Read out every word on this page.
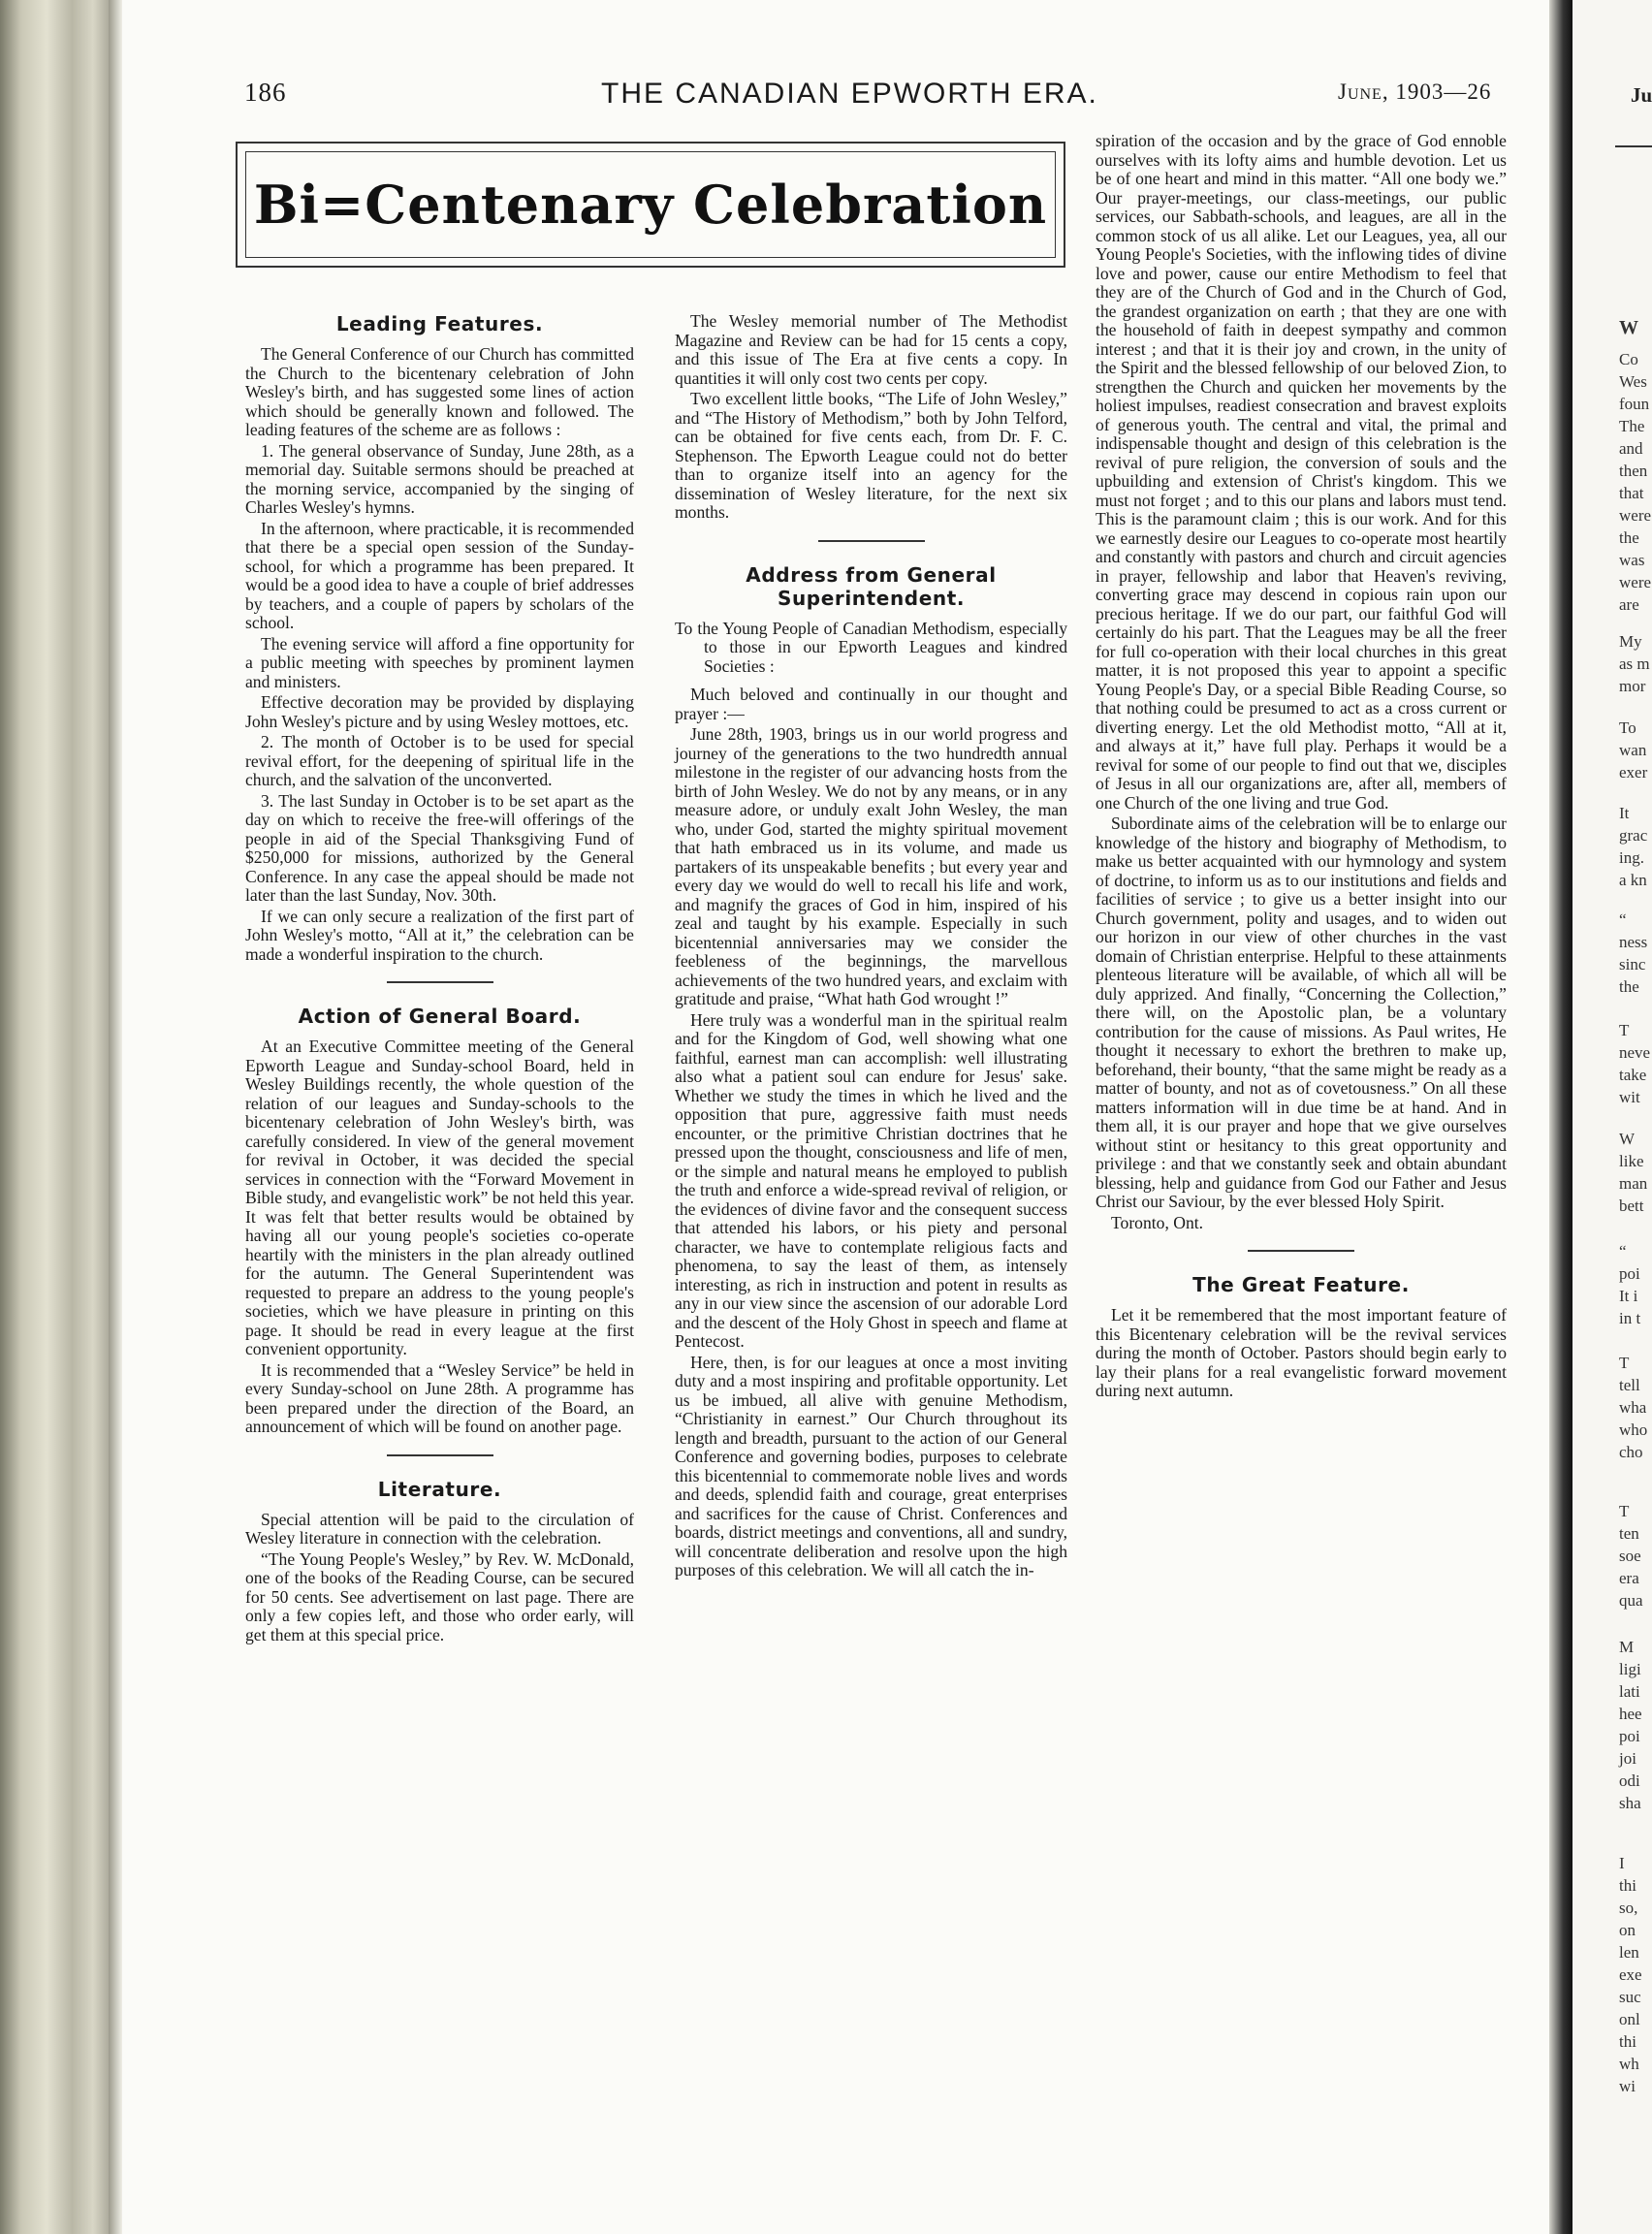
186	THE CANADIAN EPWORTH ERA.	June, 1903—26
Bi=Centenary Celebration
Leading Features.

The General Conference of our Church has committed the Church to the bicentenary celebration of John Wesley's birth, and has suggested some lines of action which should be generally known and followed. The leading features of the scheme are as follows :

1. The general observance of Sunday, June 28th, as a memorial day. Suitable sermons should be preached at the morning service, accompanied by the singing of Charles Wesley's hymns.

In the afternoon, where practicable, it is recommended that there be a special open session of the Sunday-school, for which a programme has been prepared. It would be a good idea to have a couple of brief addresses by teachers, and a couple of papers by scholars of the school.

The evening service will afford a fine opportunity for a public meeting with speeches by prominent laymen and ministers.

Effective decoration may be provided by displaying John Wesley's picture and by using Wesley mottoes, etc.

2. The month of October is to be used for special revival effort, for the deepening of spiritual life in the church, and the salvation of the unconverted.

3. The last Sunday in October is to be set apart as the day on which to receive the free-will offerings of the people in aid of the Special Thanksgiving Fund of $250,000 for missions, authorized by the General Conference. In any case the appeal should be made not later than the last Sunday, Nov. 30th.

If we can only secure a realization of the first part of John Wesley's motto, “All at it,” the celebration can be made a wonderful inspiration to the church.

Action of General Board.

At an Executive Committee meeting of the General Epworth League and Sunday-school Board, held in Wesley Buildings recently, the whole question of the relation of our leagues and Sunday-schools to the bicentenary celebration of John Wesley's birth, was carefully considered. In view of the general movement for revival in October, it was decided the special services in connection with the “Forward Movement in Bible study, and evangelistic work” be not held this year. It was felt that better results would be obtained by having all our young people's societies co-operate heartily with the ministers in the plan already outlined for the autumn. The General Superintendent was requested to prepare an address to the young people's societies, which we have pleasure in printing on this page. It should be read in every league at the first convenient opportunity.

It is recommended that a “Wesley Service” be held in every Sunday-school on June 28th. A programme has been prepared under the direction of the Board, an announcement of which will be found on another page.

Literature.

Special attention will be paid to the circulation of Wesley literature in connection with the celebration.

“The Young People's Wesley,” by Rev. W. McDonald, one of the books of the Reading Course, can be secured for 50 cents. See advertisement on last page. There are only a few copies left, and those who order early, will get them at this special price.

The Wesley memorial number of The Methodist Magazine and Review can be had for 15 cents a copy, and this issue of The Era at five cents a copy. In quantities it will only cost two cents per copy.

Two excellent little books, “The Life of John Wesley,” and “The History of Methodism,” both by John Telford, can be obtained for five cents each, from Dr. F. C. Stephenson. The Epworth League could not do better than to organize itself into an agency for the dissemination of Wesley literature, for the next six months.

Address from General
Superintendent.

To the Young People of Canadian Methodism, especially to those in our Epworth Leagues and kindred Societies :

Much beloved and continually in our thought and prayer :—

June 28th, 1903, brings us in our world progress and journey of the generations to the two hundredth annual milestone in the register of our advancing hosts from the birth of John Wesley. We do not by any means, or in any measure adore, or unduly exalt John Wesley, the man who, under God, started the mighty spiritual movement that hath embraced us in its volume, and made us partakers of its unspeakable benefits ; but every year and every day we would do well to recall his life and work, and magnify the graces of God in him, inspired of his zeal and taught by his example. Especially in such bicentennial anniversaries may we consider the feebleness of the beginnings, the marvellous achievements of the two hundred years, and exclaim with gratitude and praise, “What hath God wrought !”

Here truly was a wonderful man in the spiritual realm and for the Kingdom of God, well showing what one faithful, earnest man can accomplish: well illustrating also what a patient soul can endure for Jesus' sake. Whether we study the times in which he lived and the opposition that pure, aggressive faith must needs encounter, or the primitive Christian doctrines that he pressed upon the thought, consciousness and life of men, or the simple and natural means he employed to publish the truth and enforce a wide-spread revival of religion, or the evidences of divine favor and the consequent success that attended his labors, or his piety and personal character, we have to contemplate religious facts and phenomena, to say the least of them, as intensely interesting, as rich in instruction and potent in results as any in our view since the ascension of our adorable Lord and the descent of the Holy Ghost in speech and flame at Pentecost.

Here, then, is for our leagues at once a most inviting duty and a most inspiring and profitable opportunity. Let us be imbued, all alive with genuine Methodism, “Christianity in earnest.” Our Church throughout its length and breadth, pursuant to the action of our General Conference and governing bodies, purposes to celebrate this bicentennial to commemorate noble lives and words and deeds, splendid faith and courage, great enterprises and sacrifices for the cause of Christ. Conferences and boards, district meetings and conventions, all and sundry, will concentrate deliberation and resolve upon the high purposes of this celebration. We will all catch the in-

spiration of the occasion and by the grace of God ennoble ourselves with its lofty aims and humble devotion. Let us be of one heart and mind in this matter. “All one body we.” Our prayer-meetings, our class-meetings, our public services, our Sabbath-schools, and leagues, are all in the common stock of us all alike. Let our Leagues, yea, all our Young People's Societies, with the inflowing tides of divine love and power, cause our entire Methodism to feel that they are of the Church of God and in the Church of God, the grandest organization on earth ; that they are one with the household of faith in deepest sympathy and common interest ; and that it is their joy and crown, in the unity of the Spirit and the blessed fellowship of our beloved Zion, to strengthen the Church and quicken her movements by the holiest impulses, readiest consecration and bravest exploits of generous youth. The central and vital, the primal and indispensable thought and design of this celebration is the revival of pure religion, the conversion of souls and the upbuilding and extension of Christ's kingdom. This we must not forget ; and to this our plans and labors must tend. This is the paramount claim ; this is our work. And for this we earnestly desire our Leagues to co-operate most heartily and constantly with pastors and church and circuit agencies in prayer, fellowship and labor that Heaven's reviving, converting grace may descend in copious rain upon our precious heritage. If we do our part, our faithful God will certainly do his part. That the Leagues may be all the freer for full co-operation with their local churches in this great matter, it is not proposed this year to appoint a specific Young People's Day, or a special Bible Reading Course, so that nothing could be presumed to act as a cross current or diverting energy. Let the old Methodist motto, “All at it, and always at it,” have full play. Perhaps it would be a revival for some of our people to find out that we, disciples of Jesus in all our organizations are, after all, members of one Church of the one living and true God.

Subordinate aims of the celebration will be to enlarge our knowledge of the history and biography of Methodism, to make us better acquainted with our hymnology and system of doctrine, to inform us as to our institutions and fields and facilities of service ; to give us a better insight into our Church government, polity and usages, and to widen out our horizon in our view of other churches in the vast domain of Christian enterprise. Helpful to these attainments plenteous literature will be available, of which all will be duly apprized. And finally, “Concerning the Collection,” there will, on the Apostolic plan, be a voluntary contribution for the cause of missions. As Paul writes, He thought it necessary to exhort the brethren to make up, beforehand, their bounty, “that the same might be ready as a matter of bounty, and not as of covetousness.” On all these matters information will in due time be at hand. And in them all, it is our prayer and hope that we give ourselves without stint or hesitancy to this great opportunity and privilege : and that we constantly seek and obtain abundant blessing, help and guidance from God our Father and Jesus Christ our Saviour, by the ever blessed Holy Spirit.

Toronto, Ont.

The Great Feature.

Let it be remembered that the most important feature of this Bicentenary celebration will be the revival services during the month of October. Pastors should begin early to lay their plans for a real evangelistic forward movement during next autumn.

Ju
W
Co
Wes
foun
The
and
then
that
were
the
was
were
are
My
as m
mor
To
wan
exer
It
grac
ing.
a kn
“
ness
sinc
the
T
neve
take
wit
W
like
man
bett
“
poi
It i
in t
T
tell
wha
who
cho
T
ten
soe
era
qua
M
ligi
lati
hee
poi
joi
odi
sha
I
thi
so,
on
len
exe
suc
onl
thi
wh
wi
